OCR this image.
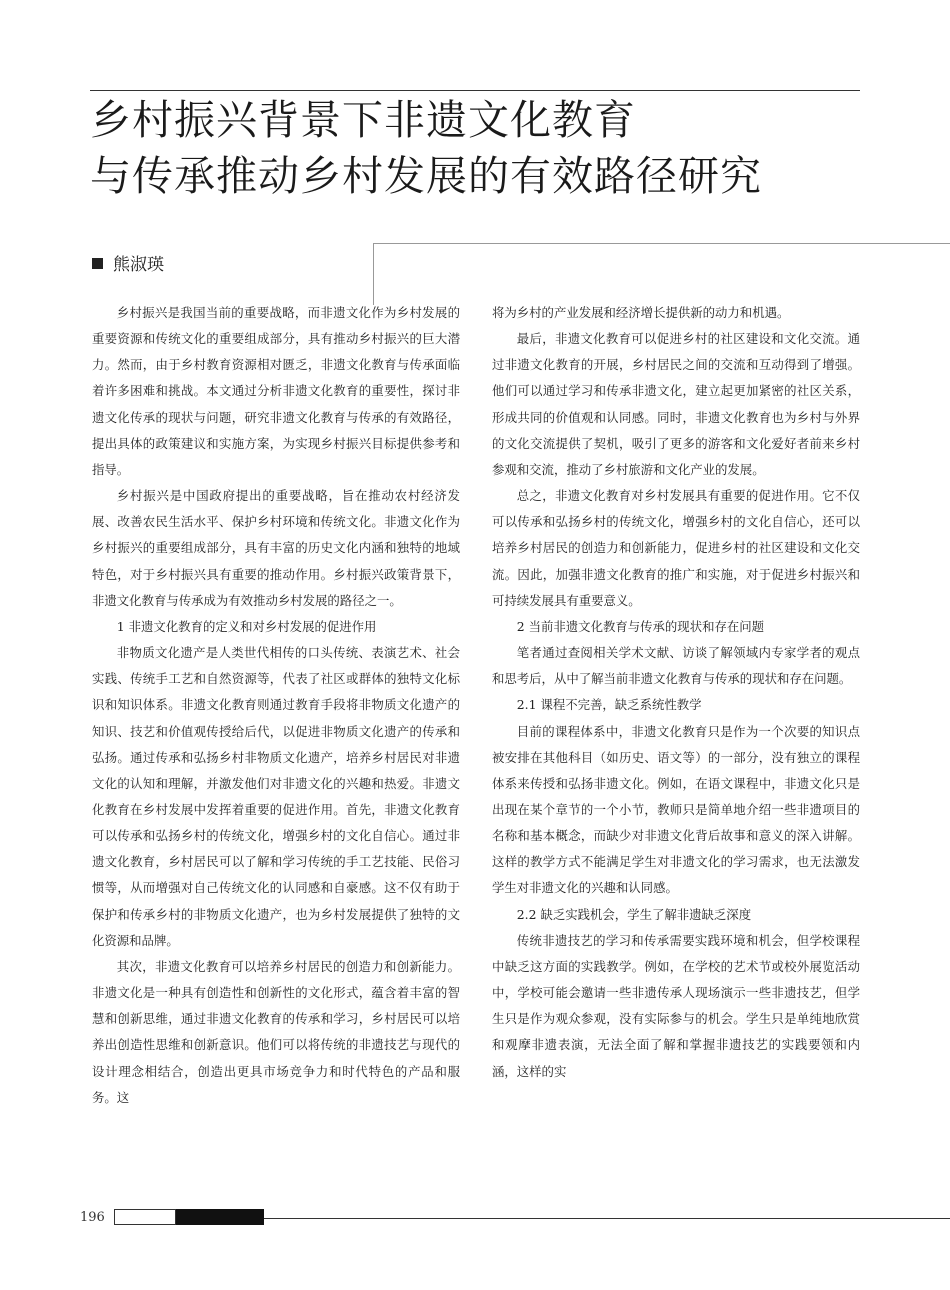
乡村振兴背景下非遗文化教育
与传承推动乡村发展的有效路径研究
熊淑瑛

乡村振兴是我国当前的重要战略，而非遗文化作为乡村发展的重要资源和传统文化的重要组成部分，具有推动乡村振兴的巨大潜力。然而，由于乡村教育资源相对匮乏，非遗文化教育与传承面临着许多困难和挑战。本文通过分析非遗文化教育的重要性，探讨非遗文化传承的现状与问题，研究非遗文化教育与传承的有效路径，提出具体的政策建议和实施方案，为实现乡村振兴目标提供参考和指导。

乡村振兴是中国政府提出的重要战略，旨在推动农村经济发展、改善农民生活水平、保护乡村环境和传统文化。非遗文化作为乡村振兴的重要组成部分，具有丰富的历史文化内涵和独特的地域特色，对于乡村振兴具有重要的推动作用。乡村振兴政策背景下，非遗文化教育与传承成为有效推动乡村发展的路径之一。

1 非遗文化教育的定义和对乡村发展的促进作用

非物质文化遗产是人类世代相传的口头传统、表演艺术、社会实践、传统手工艺和自然资源等，代表了社区或群体的独特文化标识和知识体系。非遗文化教育则通过教育手段将非物质文化遗产的知识、技艺和价值观传授给后代，以促进非物质文化遗产的传承和弘扬。通过传承和弘扬乡村非物质文化遗产，培养乡村居民对非遗文化的认知和理解，并激发他们对非遗文化的兴趣和热爱。非遗文化教育在乡村发展中发挥着重要的促进作用。首先，非遗文化教育可以传承和弘扬乡村的传统文化，增强乡村的文化自信心。通过非遗文化教育，乡村居民可以了解和学习传统的手工艺技能、民俗习惯等，从而增强对自己传统文化的认同感和自豪感。这不仅有助于保护和传承乡村的非物质文化遗产，也为乡村发展提供了独特的文化资源和品牌。

其次，非遗文化教育可以培养乡村居民的创造力和创新能力。非遗文化是一种具有创造性和创新性的文化形式，蕴含着丰富的智慧和创新思维，通过非遗文化教育的传承和学习，乡村居民可以培养出创造性思维和创新意识。他们可以将传统的非遗技艺与现代的设计理念相结合，创造出更具市场竞争力和时代特色的产品和服务。这

将为乡村的产业发展和经济增长提供新的动力和机遇。

最后，非遗文化教育可以促进乡村的社区建设和文化交流。通过非遗文化教育的开展，乡村居民之间的交流和互动得到了增强。他们可以通过学习和传承非遗文化，建立起更加紧密的社区关系，形成共同的价值观和认同感。同时，非遗文化教育也为乡村与外界的文化交流提供了契机，吸引了更多的游客和文化爱好者前来乡村参观和交流，推动了乡村旅游和文化产业的发展。

总之，非遗文化教育对乡村发展具有重要的促进作用。它不仅可以传承和弘扬乡村的传统文化，增强乡村的文化自信心，还可以培养乡村居民的创造力和创新能力，促进乡村的社区建设和文化交流。因此，加强非遗文化教育的推广和实施，对于促进乡村振兴和可持续发展具有重要意义。

2 当前非遗文化教育与传承的现状和存在问题

笔者通过查阅相关学术文献、访谈了解领域内专家学者的观点和思考后，从中了解当前非遗文化教育与传承的现状和存在问题。

2.1 课程不完善，缺乏系统性教学

目前的课程体系中，非遗文化教育只是作为一个次要的知识点被安排在其他科目（如历史、语文等）的一部分，没有独立的课程体系来传授和弘扬非遗文化。例如，在语文课程中，非遗文化只是出现在某个章节的一个小节，教师只是简单地介绍一些非遗项目的名称和基本概念，而缺少对非遗文化背后故事和意义的深入讲解。这样的教学方式不能满足学生对非遗文化的学习需求，也无法激发学生对非遗文化的兴趣和认同感。

2.2 缺乏实践机会，学生了解非遗缺乏深度

传统非遗技艺的学习和传承需要实践环境和机会，但学校课程中缺乏这方面的实践教学。例如，在学校的艺术节或校外展览活动中，学校可能会邀请一些非遗传承人现场演示一些非遗技艺，但学生只是作为观众参观，没有实际参与的机会。学生只是单纯地欣赏和观摩非遗表演，无法全面了解和掌握非遗技艺的实践要领和内涵，这样的实

196
